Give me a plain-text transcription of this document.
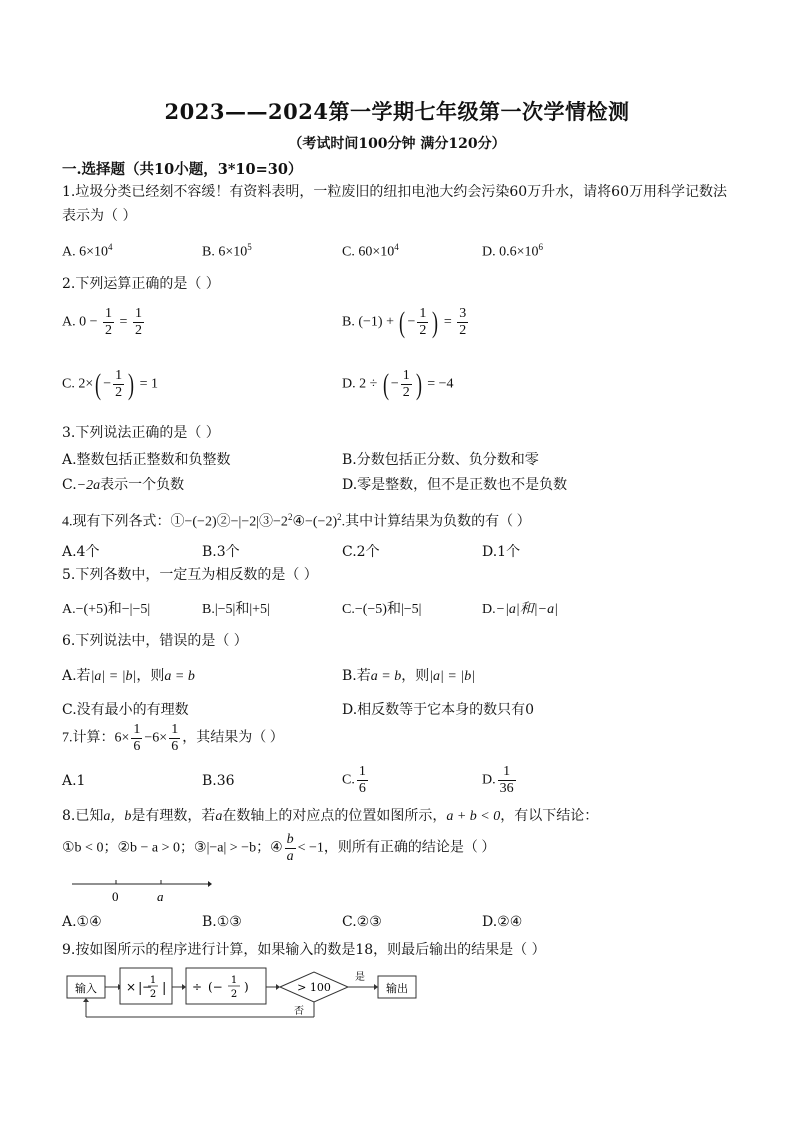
2023——2024第一学期七年级第一次学情检测
（考试时间100分钟 满分120分）
一.选择题（共10小题，3*10=30）
1.垃圾分类已经刻不容缓！有资料表明，一粒废旧的纽扣电池大约会污染60万升水，请将60万用科学记数法
表示为（ ）
A. $6\times 10^4$	B. $6\times 10^5$	C. $60\times 10^4$	D. $0.6\times 10^6$
2.下列运算正确的是（ ）
A. $0 - \frac{1}{2} = \frac{1}{2}$	B. (−1) + ( − $\frac{1}{2}$ ) = $\frac{3}{2}$
C. $2\times( - \frac{1}{2}$ ) = 1	D. 2 ÷ ( − $\frac{1}{2}$ ) = −4
3.下列说法正确的是（ ）
A.整数包括正整数和负整数	B.分数包括正分数、负分数和零
C.−2a表示一个负数	D.零是整数，但不是正数也不是负数
4.现有下列各式：$①-(-2)②-|-2|③-2^2④-(-2)^2$.其中计算结果为负数的有（ ）
A.4个	B.3个	C.2个	D.1个
5.下列各数中，一定互为相反数的是（ ）
A.−(+5)和−|−5|	B.|−5|和|+5|	C.−(−5)和|−5|	D.−|a|和|−a|
6.下列说法中，错误的是（ ）
A.若|a| = |b|，则a = b	B.若a = b，则|a| = |b|
C.没有最小的有理数	D.相反数等于它本身的数只有0
7.计算：$6\times \frac{1}{6} -6\times \frac{1}{6}$ ，其结果为（ ）
A.1	B.36	C. $\frac{1}{6}$	D. $\frac{1}{36}$
8.已知a，b是有理数，若a在数轴上的对应点的位置如图所示，a + b < 0，有以下结论：
①b < 0；②b − a > 0；③|−a| > −b；④ $\frac{b}{a} < -1$，则所有正确的结论是（ ）
0	a
A.①④	B.①③	C.②③	D.②④
9.按如图所示的程序进行计算，如果输入的数是18，则最后输出的结果是（ ）
输入 × | −
1
2 | ÷ (− 1
2
)	> 100
是
输出
否
